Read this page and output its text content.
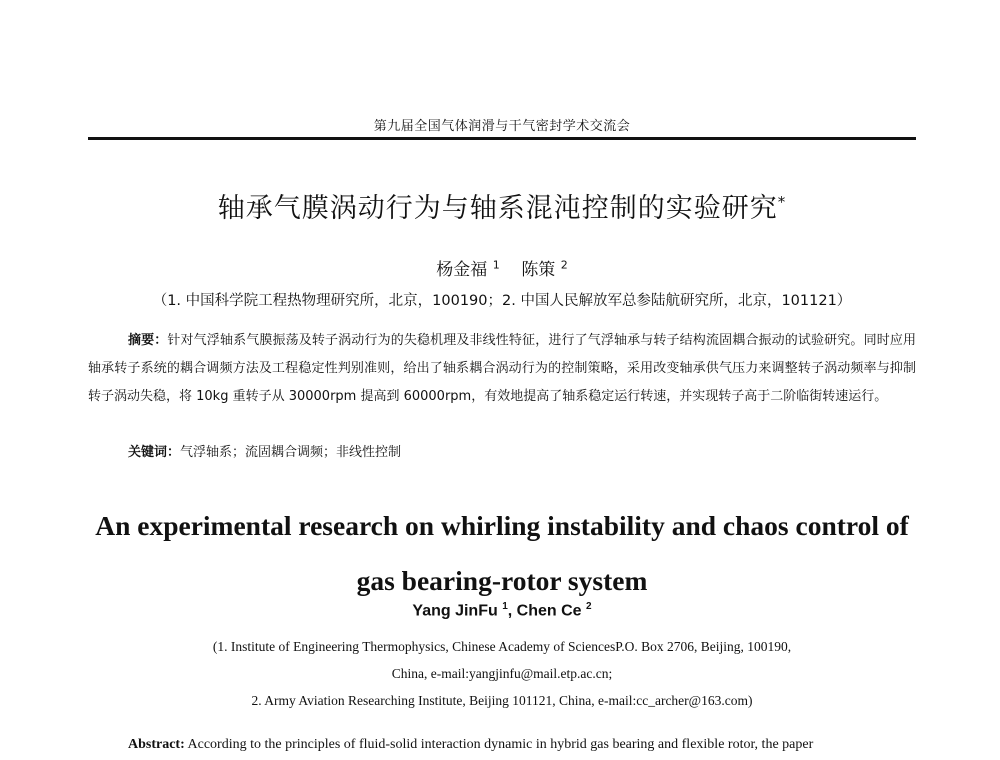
第九届全国气体润滑与干气密封学术交流会
轴承气膜涡动行为与轴系混沌控制的实验研究*
杨金福 $^1$ 陈策 $^2$
（1. 中国科学院工程热物理研究所，北京，100190；2. 中国人民解放军总参陆航研究所，北京，101121）
摘要：针对气浮轴系气膜振荡及转子涡动行为的失稳机理及非线性特征，进行了气浮轴承与转子结构流固耦合振动的试验研究。同时应用轴承转子系统的耦合调频方法及工程稳定性判别准则，给出了轴系耦合涡动行为的控制策略，采用改变轴承供气压力来调整转子涡动频率与抑制转子涡动失稳，将 10kg 重转子从 30000rpm 提高到 60000rpm，有效地提高了轴系稳定运行转速，并实现转子高于二阶临街转速运行。
关键词：气浮轴系；流固耦合调频；非线性控制
An experimental research on whirling instability and chaos control of
gas bearing-rotor system
Yang JinFu $^1$, Chen Ce $^2$
(1. Institute of Engineering Thermophysics, Chinese Academy of SciencesP.O. Box 2706, Beijing, 100190,
China, e-mail:yangjinfu@mail.etp.ac.cn;
2. Army Aviation Researching Institute, Beijing 101121, China, e-mail:cc_archer@163.com)
Abstract: According to the principles of fluid-solid interaction dynamic in hybrid gas bearing and flexible rotor, the paper
